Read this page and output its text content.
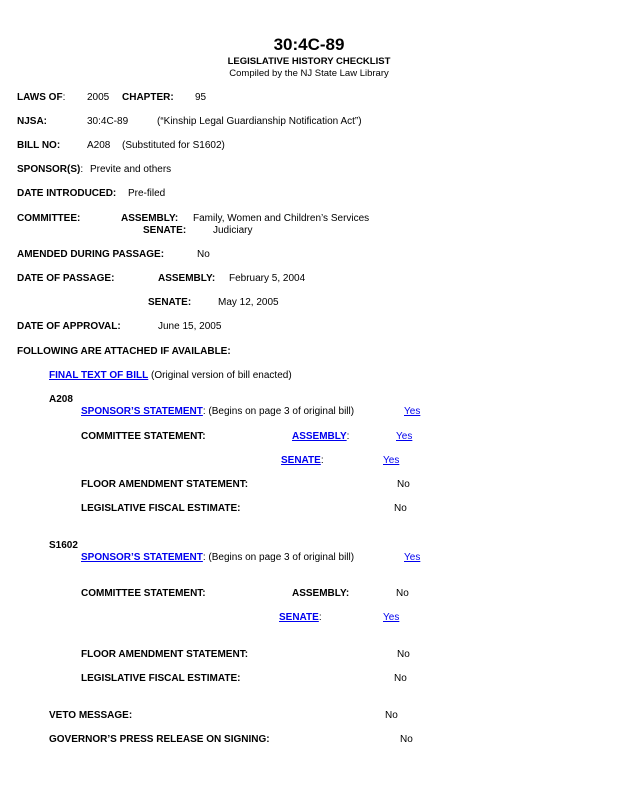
30:4C-89
LEGISLATIVE HISTORY CHECKLIST
Compiled by the NJ State Law Library
LAWS OF: 2005 CHAPTER: 95
NJSA:	30:4C-89	(“Kinship Legal Guardianship Notification Act”)
BILL NO:	A208 (Substituted for S1602)
SPONSOR(S): Previte and others
DATE INTRODUCED: Pre-filed
COMMITTEE:	ASSEMBLY: Family, Women and Children’s Services
SENATE:	Judiciary
AMENDED DURING PASSAGE:	No
DATE OF PASSAGE:	ASSEMBLY: February 5, 2004
SENATE:	May 12, 2005
DATE OF APPROVAL:	June 15, 2005
FOLLOWING ARE ATTACHED IF AVAILABLE:
FINAL TEXT OF BILL (Original version of bill enacted)
A208
SPONSOR’S STATEMENT: (Begins on page 3 of original bill)	Yes
COMMITTEE STATEMENT:	ASSEMBLY:	Yes
SENATE:	Yes
FLOOR AMENDMENT STATEMENT:	No
LEGISLATIVE FISCAL ESTIMATE:	No
S1602
SPONSOR’S STATEMENT: (Begins on page 3 of original bill)	Yes
COMMITTEE STATEMENT:	ASSEMBLY:	No
SENATE:	Yes
FLOOR AMENDMENT STATEMENT:	No
LEGISLATIVE FISCAL ESTIMATE:	No
VETO MESSAGE:	No
GOVERNOR’S PRESS RELEASE ON SIGNING:	No
